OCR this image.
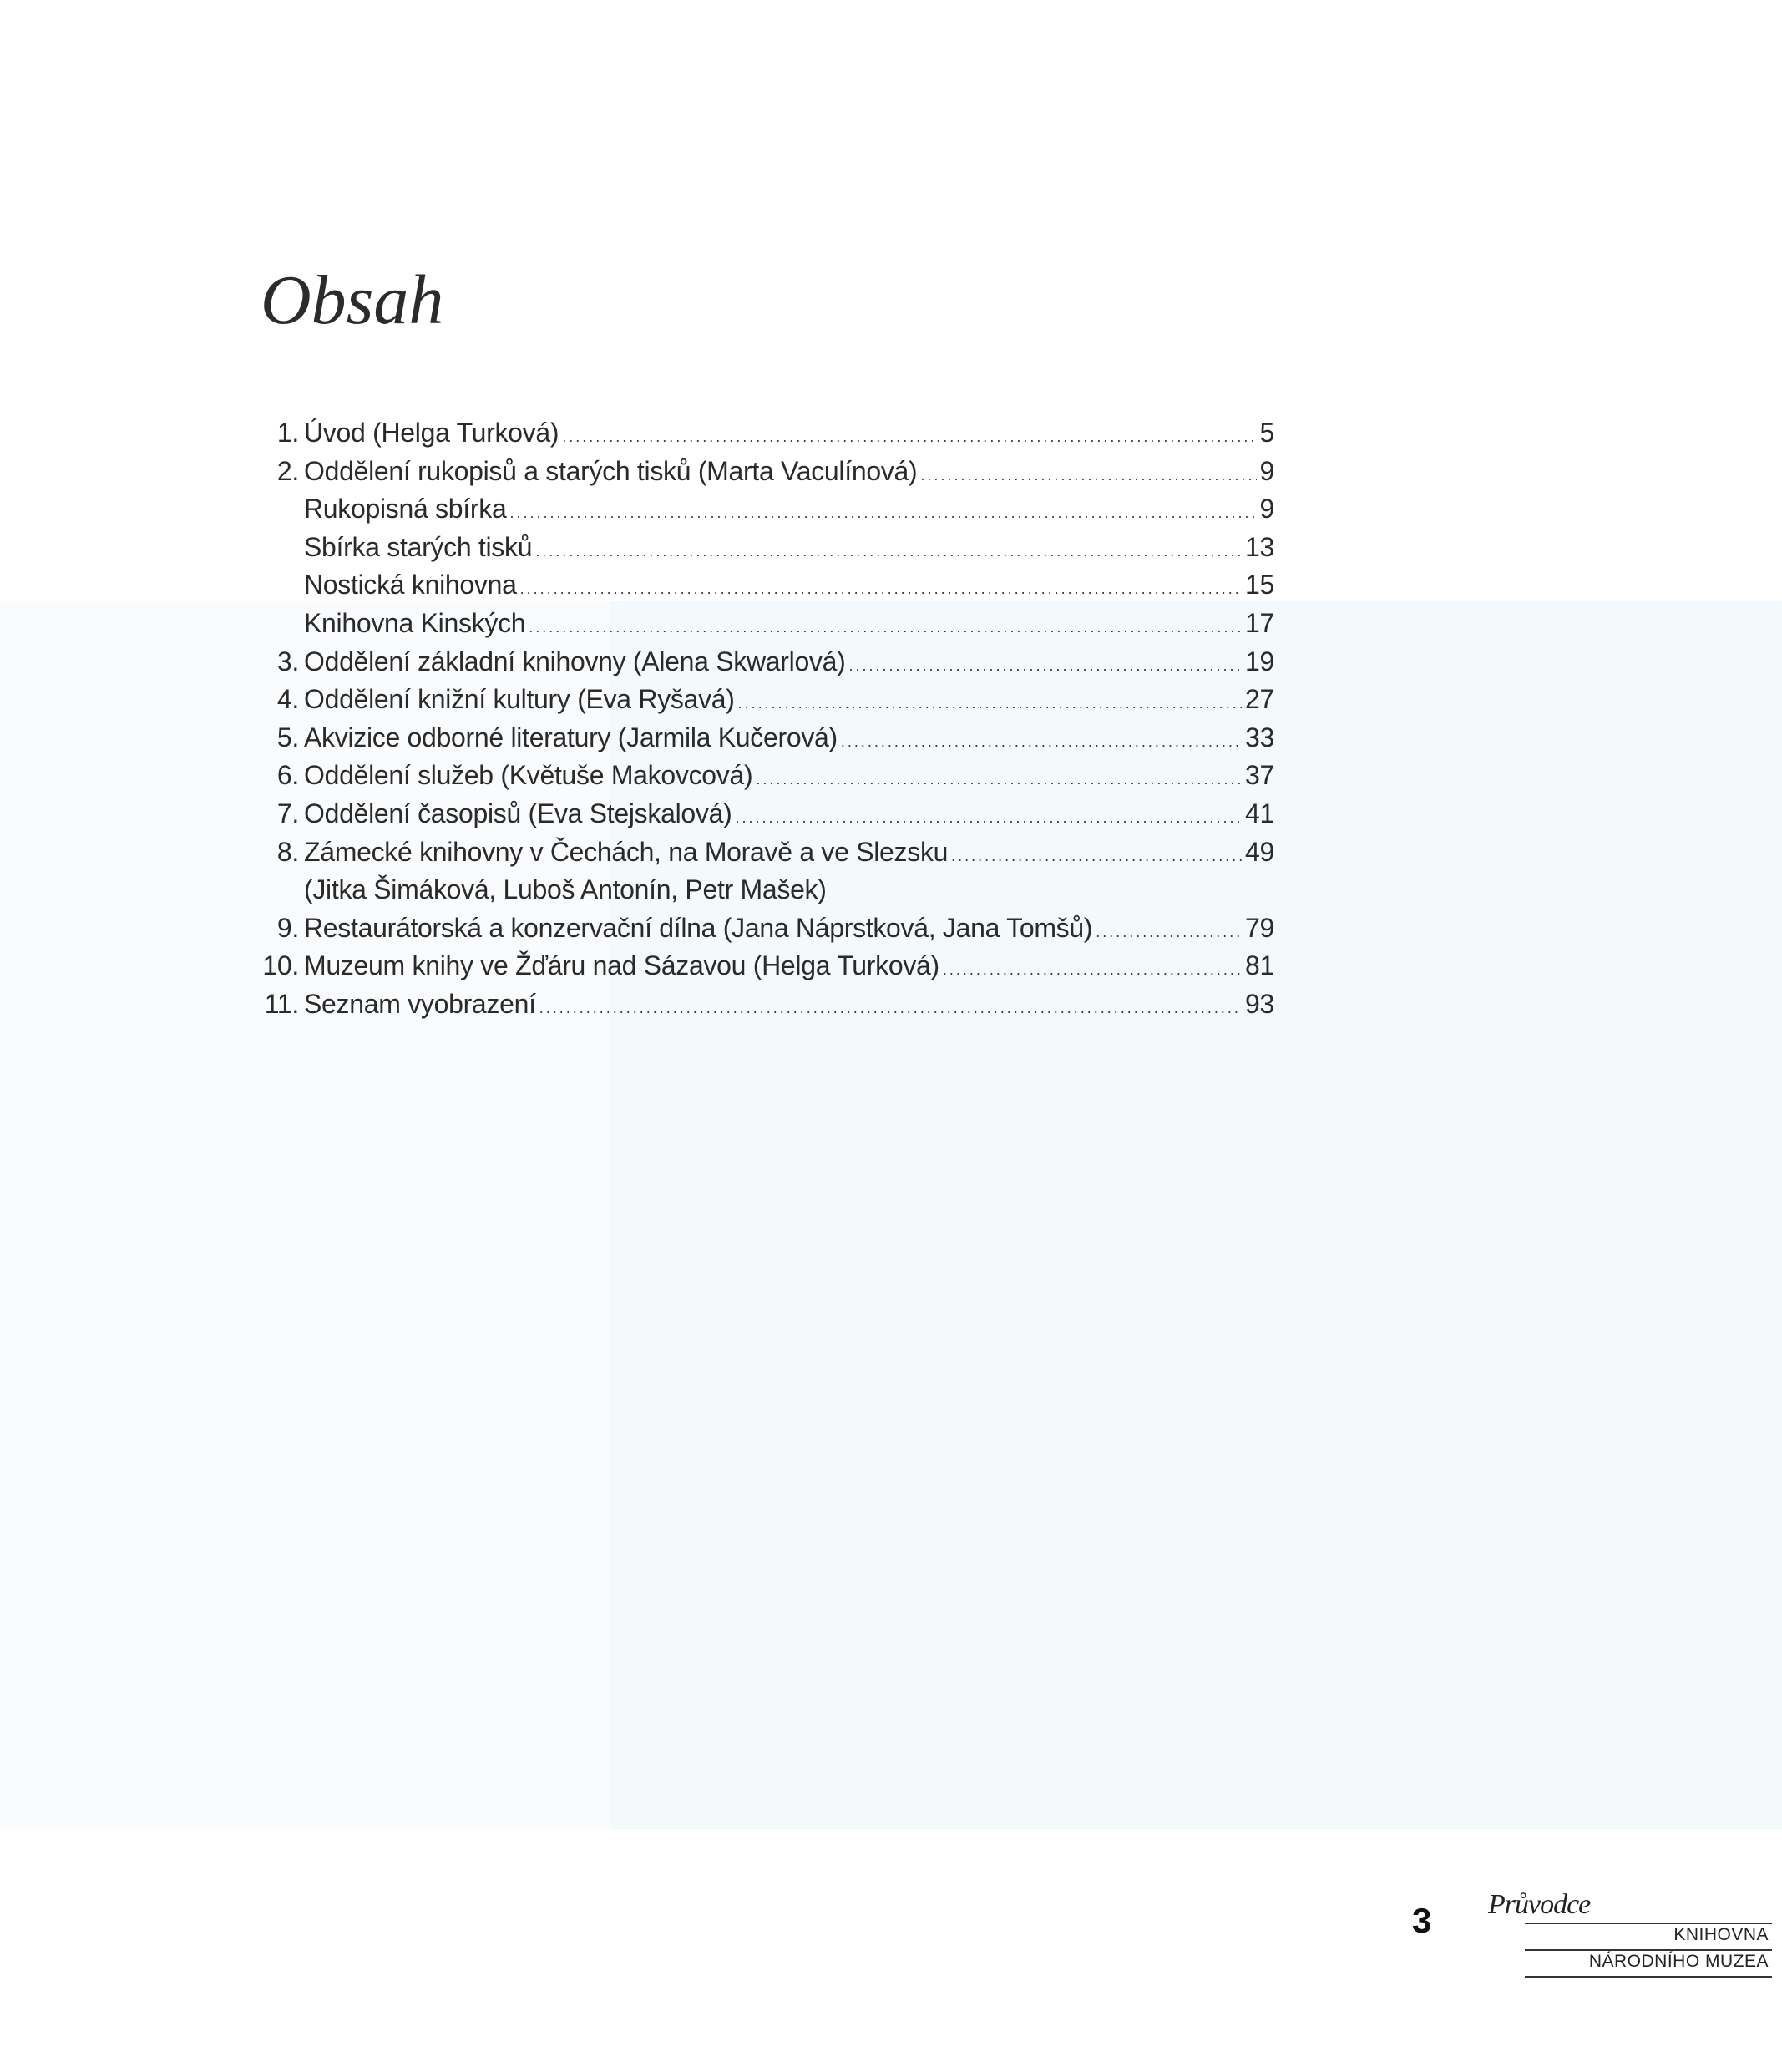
Obsah
1. Úvod (Helga Turková) .....	5
2. Oddělení rukopisů a starých tisků (Marta Vaculínová) .....	9
Rukopisná sbírka .....	9
Sbírka starých tisků .....	13
Nostická knihovna .....	15
Knihovna Kinských .....	17
3. Oddělení základní knihovny (Alena Skwarlová) .....	19
4. Oddělení knižní kultury (Eva Ryšavá) .....	27
5. Akvizice odborné literatury (Jarmila Kučerová) .....	33
6. Oddělení služeb (Květuše Makovcová) .....	37
7. Oddělení časopisů (Eva Stejskalová) .....	41
8. Zámecké knihovny v Čechách, na Moravě a ve Slezsku .....	49
(Jitka Šimáková, Luboš Antonín, Petr Mašek)
9. Restaurátorská a konzervační dílna (Jana Náprstková, Jana Tomšů) .....	79
10. Muzeum knihy ve Žďáru nad Sázavou (Helga Turková) .....	81
11. Seznam vyobrazení .....	93
3 Průvodce
KNIHOVNA
NÁRODNÍHO MUZEA
